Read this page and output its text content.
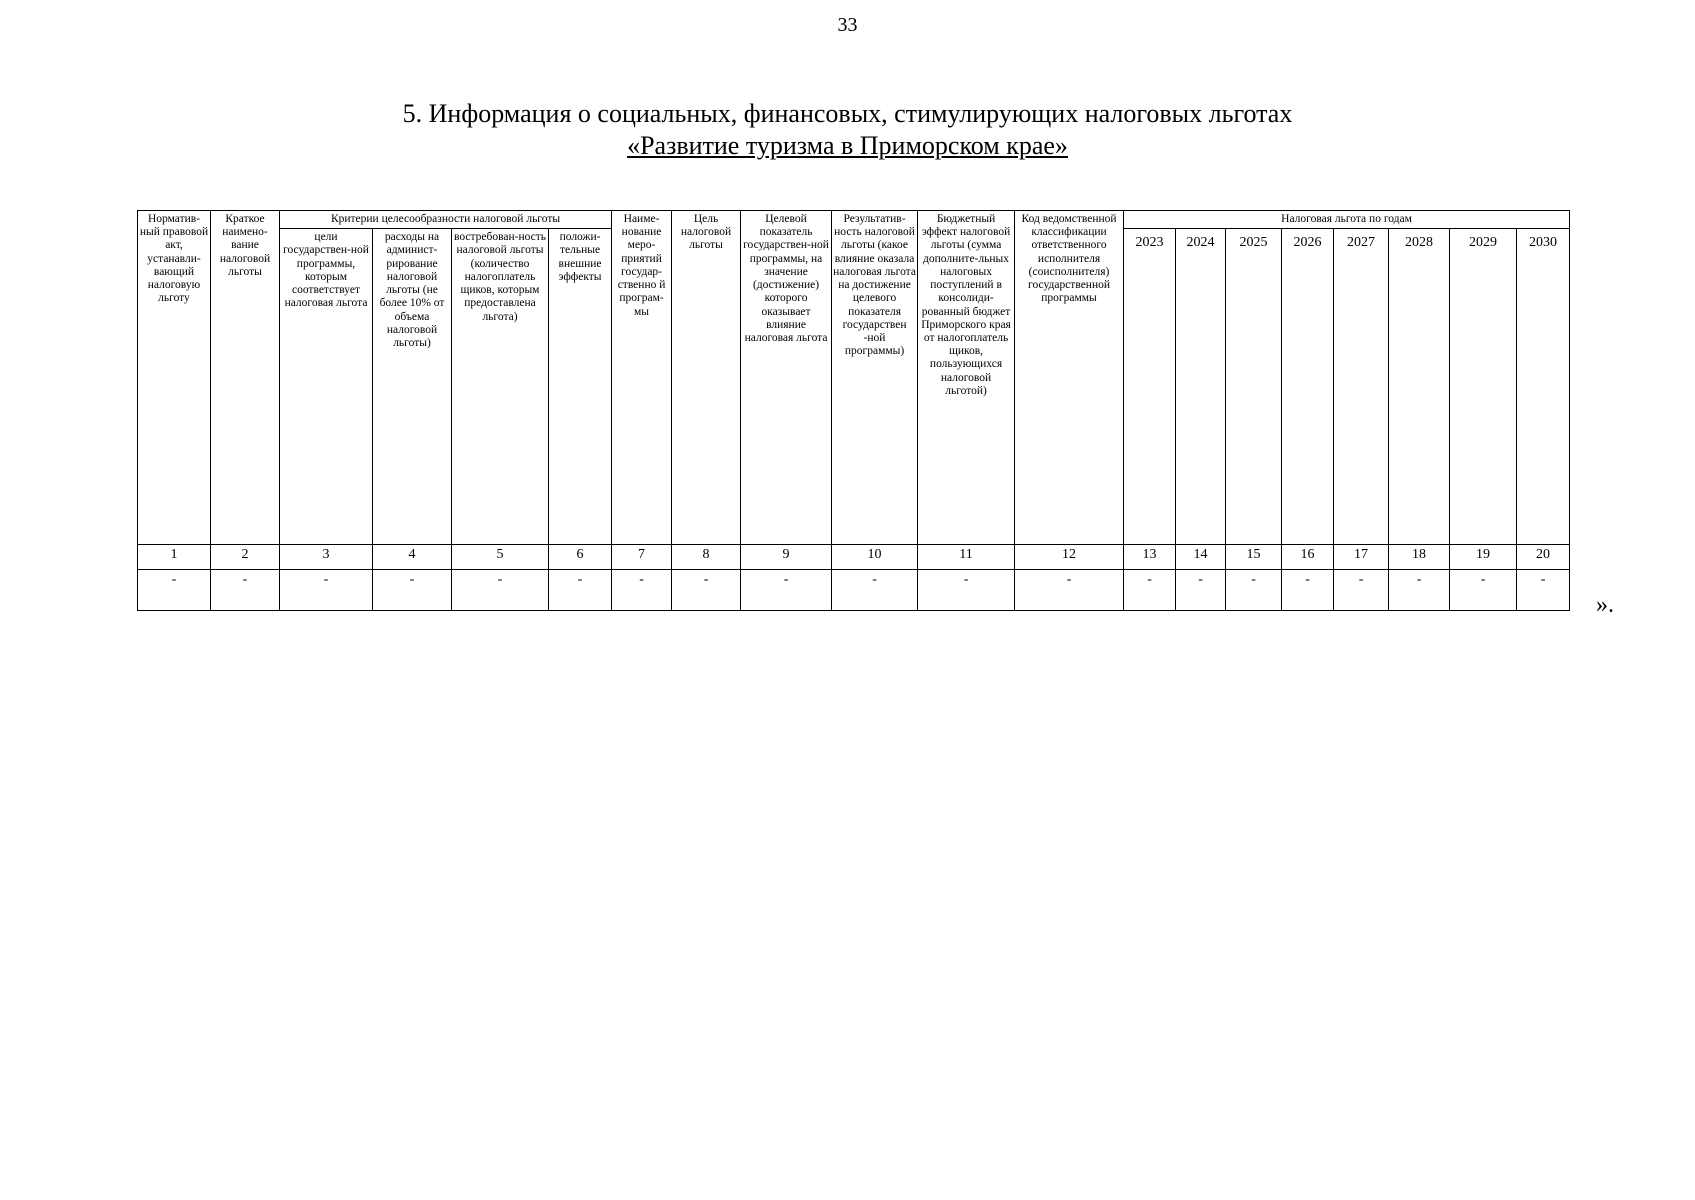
33
5. Информация о социальных, финансовых, стимулирующих налоговых льготах
«Развитие туризма в Приморском крае»
Норматив-ный правовой акт, устанавли-вающий налоговую льготу	Краткое наимено-вание налоговой льготы	Критерии целесообразности налоговой льготы				Наиме-нование меро-приятий государ-ственно й програм-мы	Цель налоговой льготы	Целевой показатель государствен-ной программы, на значение (достижение) которого оказывает влияние налоговая льгота	Результатив-ность налоговой льготы (какое влияние оказала налоговая льгота на достижение целевого показателя государствен -ной программы)	Бюджетный эффект налоговой льготы (сумма дополните-льных налоговых поступлений в консолиди-рованный бюджет Приморского края от налогоплатель щиков, пользующихся налоговой льготой)	Код ведомственной классификации ответственного исполнителя (соисполнителя) государственной программы	Налоговая льгота по годам							
		цели государствен-ной программы, которым соответствует налоговая льгота	расходы на админист-рирование налоговой льготы (не более 10% от объема налоговой льготы)	востребован-ность налоговой льготы (количество налогоплатель щиков, которым предоставлена льгота)	положи-тельные внешние эффекты							2023	2024	2025	2026	2027	2028	2029	2030
1	2	3	4	5	6	7	8	9	10	11	12	13	14	15	16	17	18	19	20
-	-	-	-	-	-	-	-	-	-	-	-	-	-	-	-	-	-	-	-
».
